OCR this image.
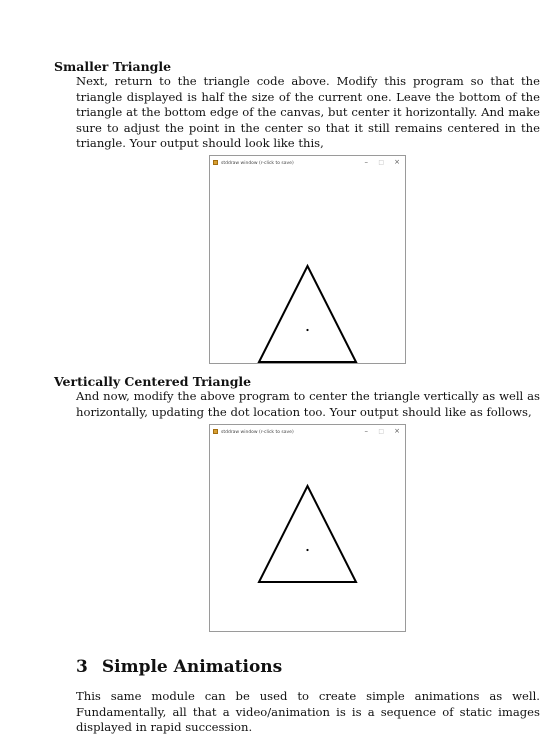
Smaller Triangle
Next, return to the triangle code above. Modify this program so that the triangle displayed is half the size of the current one. Leave the bottom of the triangle at the bottom edge of the canvas, but center it horizontally. And make sure to adjust the point in the center so that it still remains centered in the triangle. Your output should look like this,
stddraw window (r-click to save)	– □ ×
Vertically Centered Triangle
And now, modify the above program to center the triangle vertically as well as horizontally, updating the dot location too. Your output should like as follows,
stddraw window (r-click to save)	– □ ×
3 Simple Animations
This same module can be used to create simple animations as well. Fundamentally, all that a video/animation is is a sequence of static images displayed in rapid succession.
